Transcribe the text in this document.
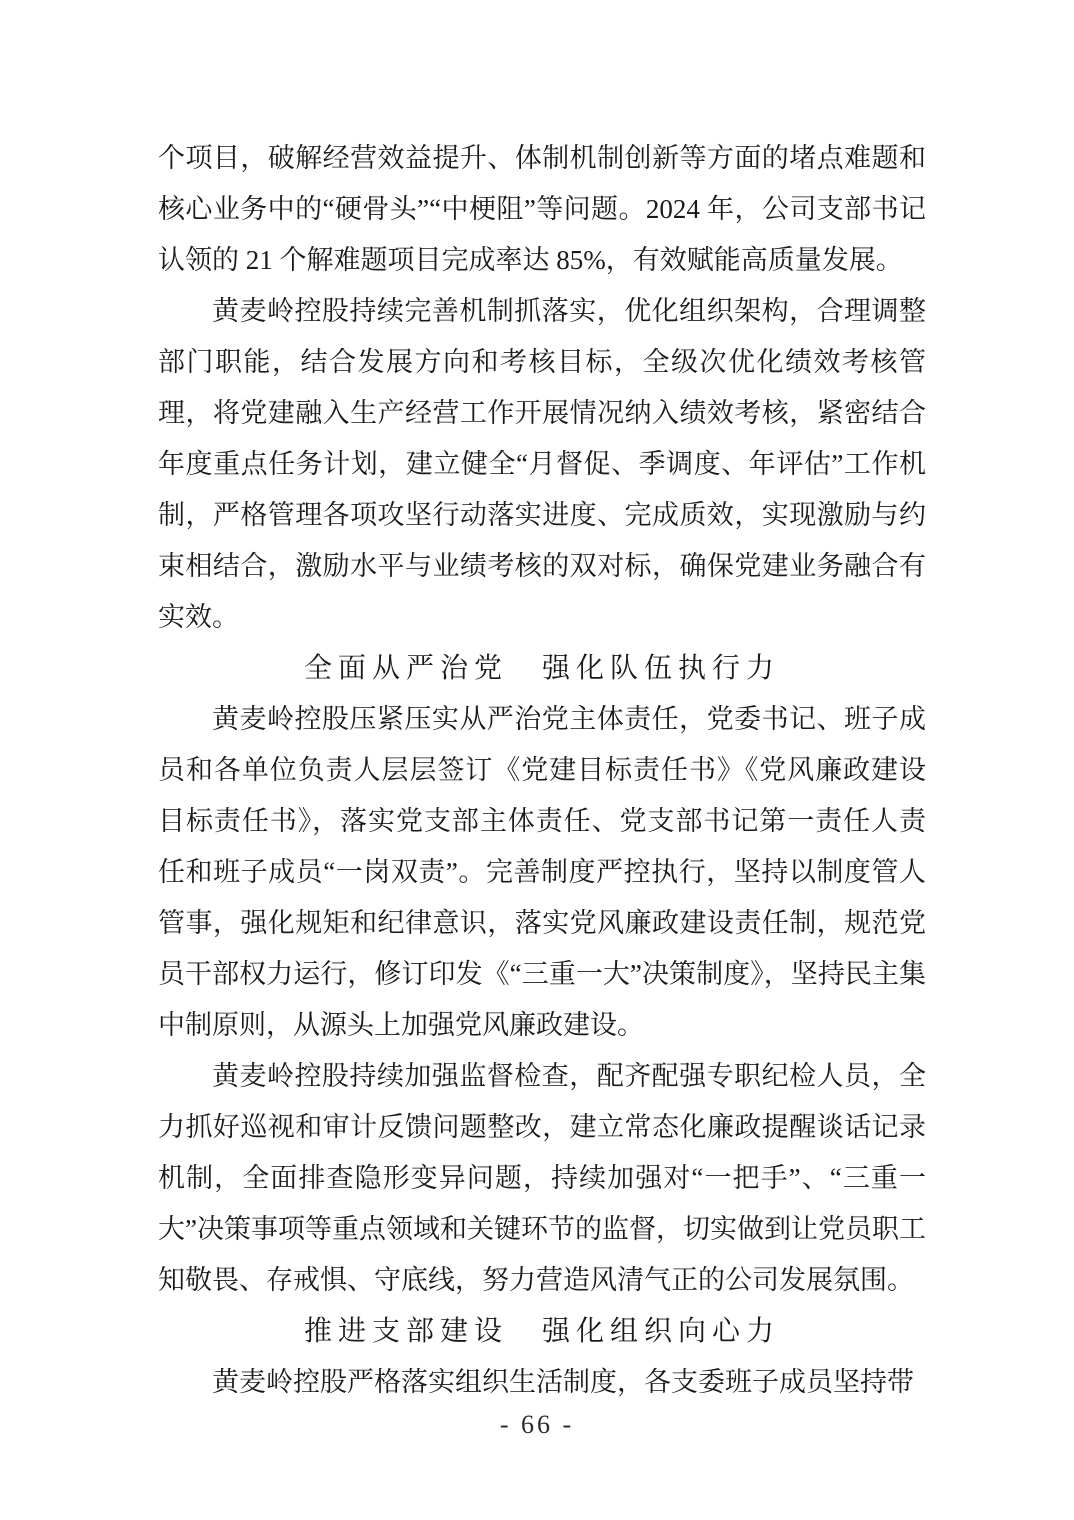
个项目，破解经营效益提升、体制机制创新等方面的堵点难题和核心业务中的“硬骨头”“中梗阻”等问题。2024 年，公司支部书记认领的 21 个解难题项目完成率达 85%，有效赋能高质量发展。

黄麦岭控股持续完善机制抓落实，优化组织架构，合理调整部门职能，结合发展方向和考核目标，全级次优化绩效考核管理，将党建融入生产经营工作开展情况纳入绩效考核，紧密结合年度重点任务计划，建立健全“月督促、季调度、年评估”工作机制，严格管理各项攻坚行动落实进度、完成质效，实现激励与约束相结合，激励水平与业绩考核的双对标，确保党建业务融合有实效。

全面从严治党　强化队伍执行力

黄麦岭控股压紧压实从严治党主体责任，党委书记、班子成员和各单位负责人层层签订《党建目标责任书》《党风廉政建设目标责任书》，落实党支部主体责任、党支部书记第一责任人责任和班子成员“一岗双责”。完善制度严控执行，坚持以制度管人管事，强化规矩和纪律意识，落实党风廉政建设责任制，规范党员干部权力运行，修订印发《“三重一大”决策制度》，坚持民主集中制原则，从源头上加强党风廉政建设。

黄麦岭控股持续加强监督检查，配齐配强专职纪检人员，全力抓好巡视和审计反馈问题整改，建立常态化廉政提醒谈话记录机制，全面排查隐形变异问题，持续加强对“一把手”、“三重一大”决策事项等重点领域和关键环节的监督，切实做到让党员职工知敬畏、存戒惧、守底线，努力营造风清气正的公司发展氛围。

推进支部建设　强化组织向心力

黄麦岭控股严格落实组织生活制度，各支委班子成员坚持带

- 66 -
